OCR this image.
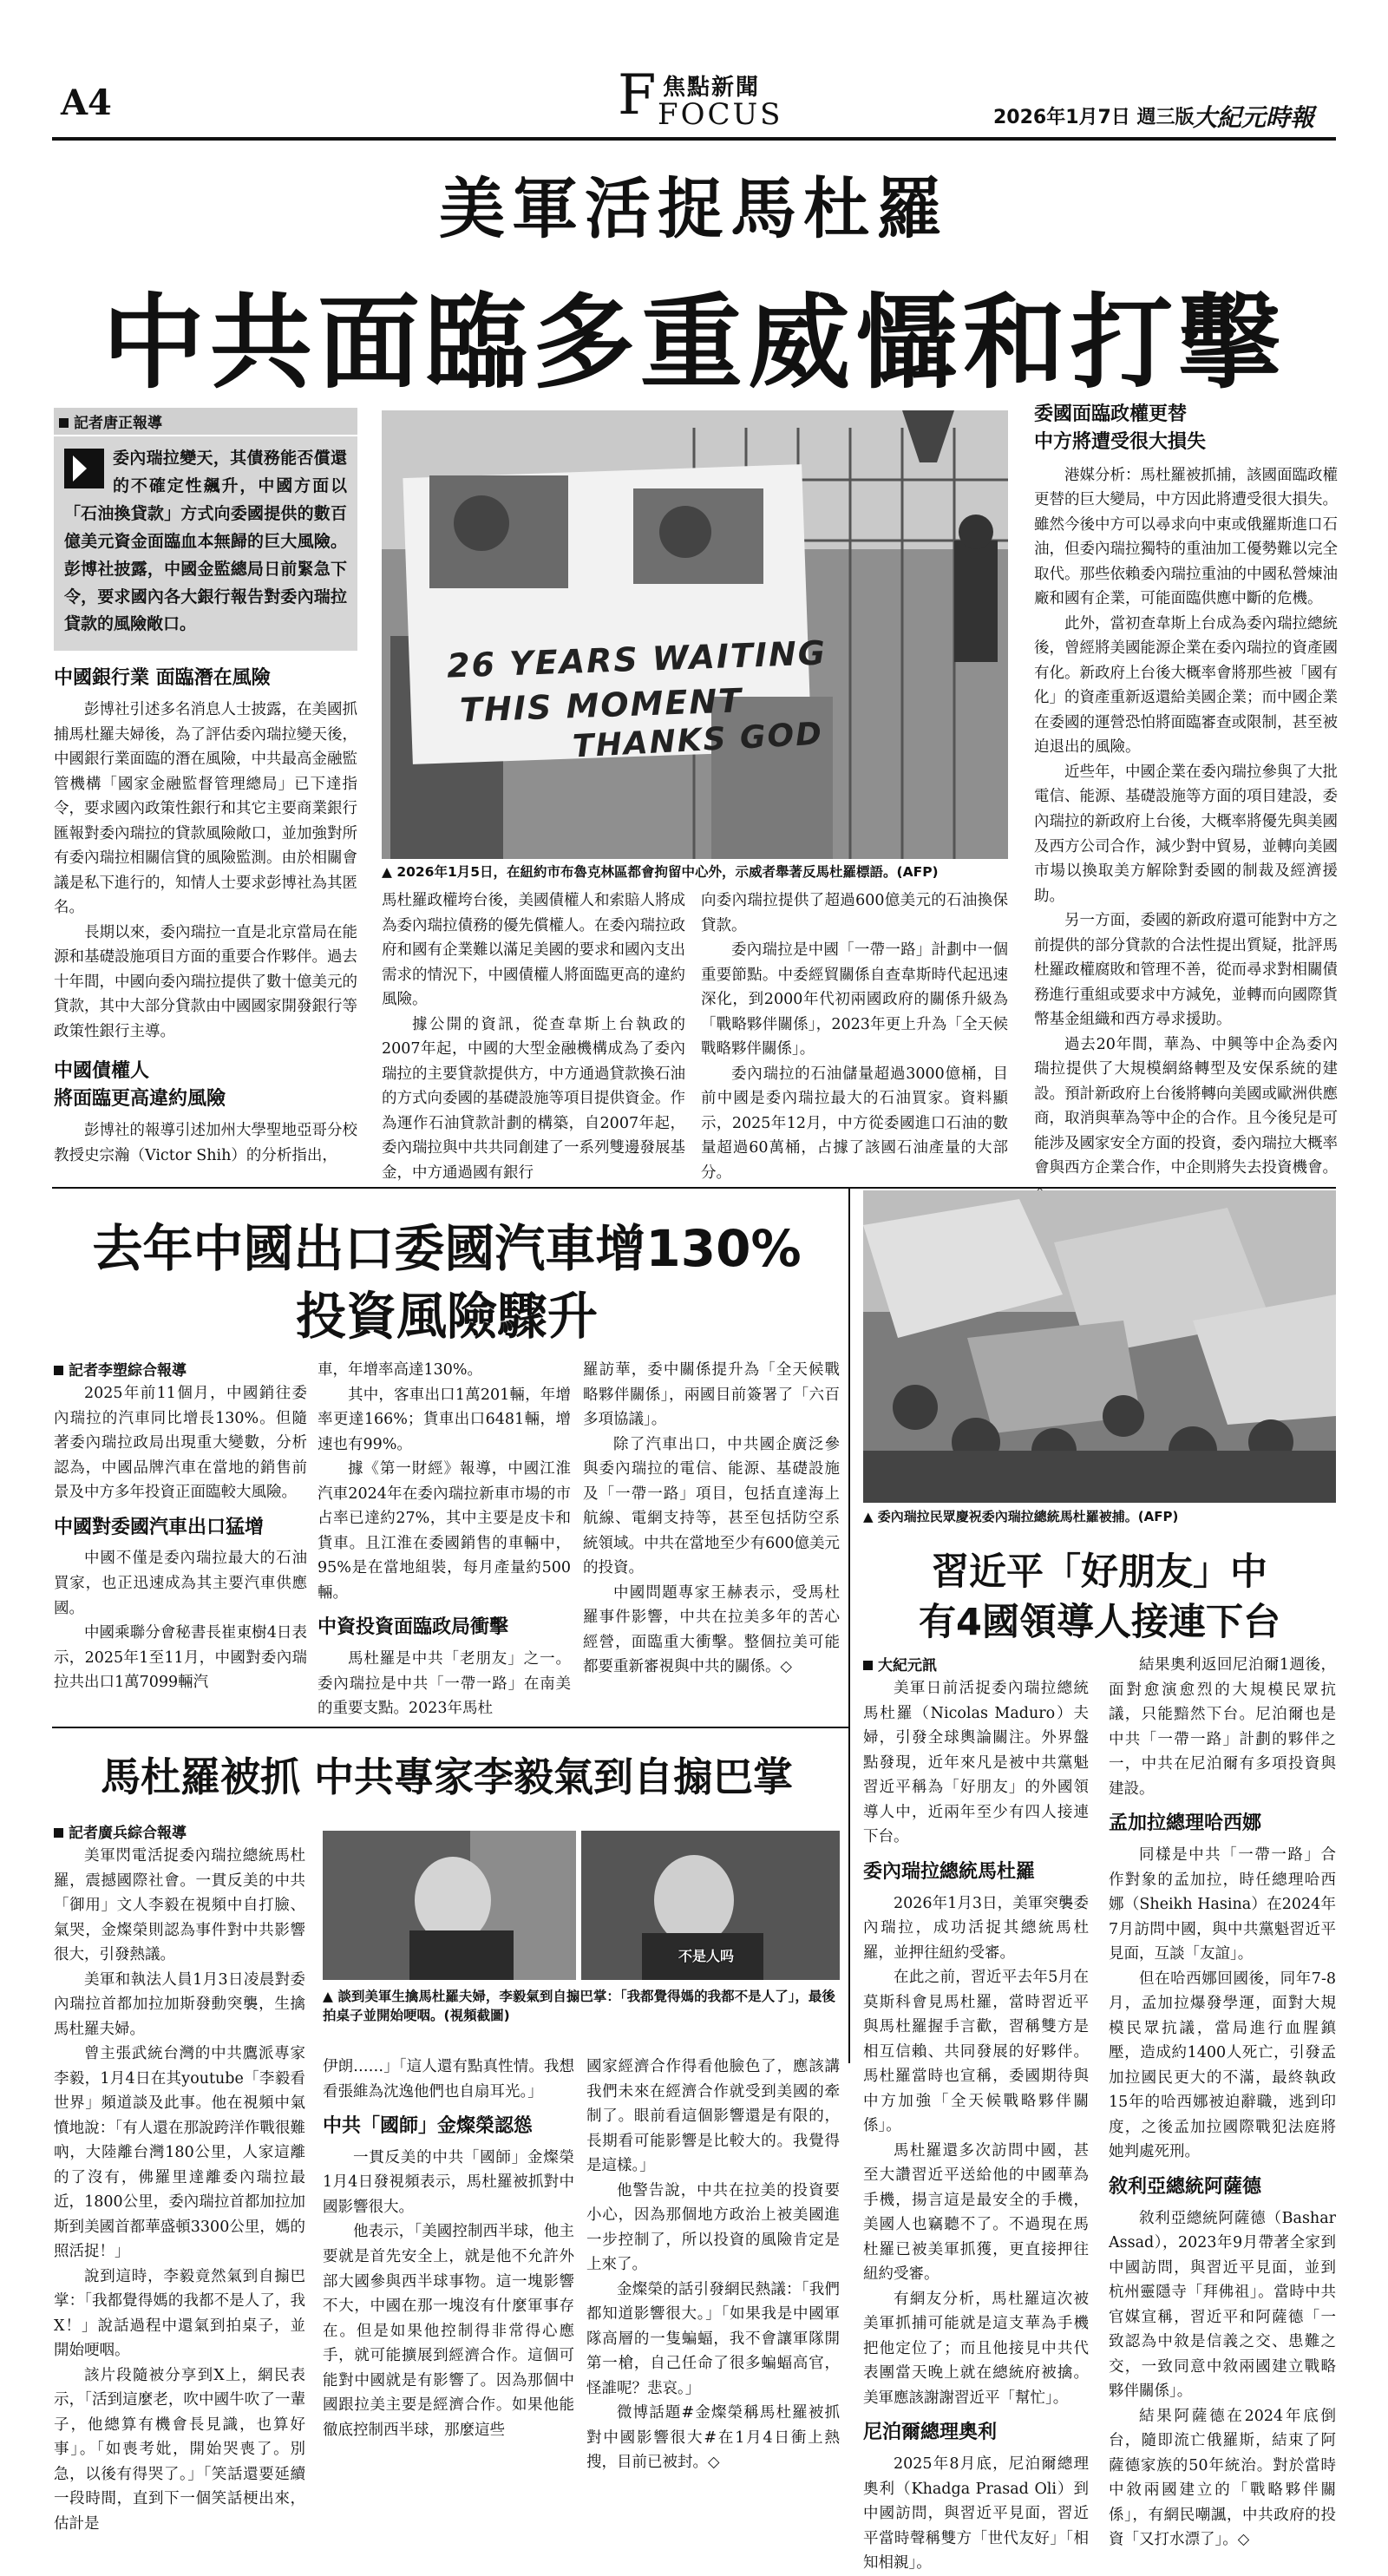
A4	F 焦點新聞
FOCUS	2026年1月7日 週三版
大紀元時報
美軍活捉馬杜羅
中共面臨多重威懾和打擊
記者唐正報導

委內瑞拉變天，其債務能否償還的不確定性飆升，中國方面以「石油換貸款」方式向委國提供的數百億美元資金面臨血本無歸的巨大風險。彭博社披露，中國金監總局日前緊急下令，要求國內各大銀行報告對委內瑞拉貸款的風險敞口。

中國銀行業 面臨潛在風險

彭博社引述多名消息人士披露，在美國抓捕馬杜羅夫婦後，為了評估委內瑞拉變天後，中國銀行業面臨的潛在風險，中共最高金融監管機構「國家金融監督管理總局」已下達指令，要求國內政策性銀行和其它主要商業銀行匯報對委內瑞拉的貸款風險敞口，並加強對所有委內瑞拉相關信貸的風險監測。由於相關會議是私下進行的，知情人士要求彭博社為其匿名。

長期以來，委內瑞拉一直是北京當局在能源和基礎設施項目方面的重要合作夥伴。過去十年間，中國向委內瑞拉提供了數十億美元的貸款，其中大部分貸款由中國國家開發銀行等政策性銀行主導。

中國債權人
將面臨更高違約風險

彭博社的報導引述加州大學聖地亞哥分校教授史宗瀚（Victor Shih）的分析指出，

26 YEARS WAITING
THIS MOMENT
THANKS GOD
▲ 2026年1月5日，在紐約市布魯克林區都會拘留中心外，示威者舉著反馬杜羅標語。(AFP)

馬杜羅政權垮台後，美國債權人和索賠人將成為委內瑞拉債務的優先償權人。在委內瑞拉政府和國有企業難以滿足美國的要求和國內支出需求的情況下，中國債權人將面臨更高的違約風險。

據公開的資訊，從查韋斯上台執政的2007年起，中國的大型金融機構成為了委內瑞拉的主要貸款提供方，中方通過貸款換石油的方式向委國的基礎設施等項目提供資金。作為運作石油貸款計劃的構築，自2007年起，委內瑞拉與中共共同創建了一系列雙邊發展基金，中方通過國有銀行

向委內瑞拉提供了超過600億美元的石油換保貸款。

委內瑞拉是中國「一帶一路」計劃中一個重要節點。中委經貿關係自查韋斯時代起迅速深化，到2000年代初兩國政府的關係升級為「戰略夥伴關係」，2023年更上升為「全天候戰略夥伴關係」。

委內瑞拉的石油儲量超過3000億桶，目前中國是委內瑞拉最大的石油買家。資料顯示，2025年12月，中方從委國進口石油的數量超過60萬桶，占據了該國石油產量的大部分。

委國面臨政權更替
中方將遭受很大損失

港媒分析：馬杜羅被抓捕，該國面臨政權更替的巨大變局，中方因此將遭受很大損失。雖然今後中方可以尋求向中東或俄羅斯進口石油，但委內瑞拉獨特的重油加工優勢難以完全取代。那些依賴委內瑞拉重油的中國私營煉油廠和國有企業，可能面臨供應中斷的危機。

此外，當初查韋斯上台成為委內瑞拉總統後，曾經將美國能源企業在委內瑞拉的資產國有化。新政府上台後大概率會將那些被「國有化」的資產重新返還給美國企業；而中國企業在委國的運營恐怕將面臨審查或限制，甚至被迫退出的風險。

近些年，中國企業在委內瑞拉參與了大批電信、能源、基礎設施等方面的項目建設，委內瑞拉的新政府上台後，大概率將優先與美國及西方公司合作，減少對中貿易，並轉向美國市場以換取美方解除對委國的制裁及經濟援助。

另一方面，委國的新政府還可能對中方之前提供的部分貸款的合法性提出質疑，批評馬杜羅政權腐敗和管理不善，從而尋求對相關債務進行重組或要求中方減免，並轉而向國際貨幣基金組織和西方尋求援助。

過去20年間，華為、中興等中企為委內瑞拉提供了大規模網絡轉型及安保系統的建設。預計新政府上台後將轉向美國或歐洲供應商，取消與華為等中企的合作。且今後兒是可能涉及國家安全方面的投資，委內瑞拉大概率會與西方企業合作，中企則將失去投資機會。

去年中國出口委國汽車增130%
投資風險驟升
記者李塑綜合報導

2025年前11個月，中國銷往委內瑞拉的汽車同比增長130%。但隨著委內瑞拉政局出現重大變數，分析認為，中國品牌汽車在當地的銷售前景及中方多年投資正面臨較大風險。

中國對委國汽車出口猛增

中國不僅是委內瑞拉最大的石油買家，也正迅速成為其主要汽車供應國。

中國乘聯分會秘書長崔東樹4日表示，2025年1至11月，中國對委內瑞拉共出口1萬7099輛汽

車，年增率高達130%。

其中，客車出口1萬201輛，年增率更達166%；貨車出口6481輛，增速也有99%。

據《第一財經》報導，中國江淮汽車2024年在委內瑞拉新車市場的市占率已達約27%，其中主要是皮卡和貨車。且江淮在委國銷售的車輛中，95%是在當地組裝，每月產量約500輛。

中資投資面臨政局衝擊

馬杜羅是中共「老朋友」之一。委內瑞拉是中共「一帶一路」在南美的重要支點。2023年馬杜

羅訪華，委中關係提升為「全天候戰略夥伴關係」，兩國目前簽署了「六百多項協議」。

除了汽車出口，中共國企廣泛參與委內瑞拉的電信、能源、基礎設施及「一帶一路」項目，包括直達海上航線、電網支持等，甚至包括防空系統領域。中共在當地至少有600億美元的投資。

中國問題專家王赫表示，受馬杜羅事件影響，中共在拉美多年的苦心經營，面臨重大衝擊。整個拉美可能都要重新審視與中共的關係。◇

▲ 委內瑞拉民眾慶祝委內瑞拉總統馬杜羅被捕。(AFP)
習近平「好朋友」中
有4國領導人接連下台
大紀元訊

美軍日前活捉委內瑞拉總統馬杜羅（Nicolas Maduro）夫婦，引發全球輿論關注。外界盤點發現，近年來凡是被中共黨魁習近平稱為「好朋友」的外國領導人中，近兩年至少有四人接連下台。

委內瑞拉總統馬杜羅

2026年1月3日，美軍突襲委內瑞拉，成功活捉其總統馬杜羅，並押往紐約受審。

在此之前，習近平去年5月在莫斯科會見馬杜羅，當時習近平與馬杜羅握手言歡，習稱雙方是相互信賴、共同發展的好夥伴。馬杜羅當時也宣稱，委國期待與中方加強「全天候戰略夥伴關係」。

馬杜羅還多次訪問中國，甚至大讚習近平送給他的中國華為手機，揚言這是最安全的手機，美國人也竊聽不了。不過現在馬杜羅已被美軍抓獲，更直接押往紐約受審。

有網友分析，馬杜羅這次被美軍抓捕可能就是這支華為手機把他定位了；而且他接見中共代表團當天晚上就在總統府被擒。美軍應該謝謝習近平「幫忙」。

尼泊爾總理奧利

2025年8月底，尼泊爾總理奧利（Khadga Prasad Oli）到中國訪問，與習近平見面，習近平當時聲稱雙方「世代友好」「相知相親」。

結果奧利返回尼泊爾1週後，面對愈演愈烈的大規模民眾抗議，只能黯然下台。尼泊爾也是中共「一帶一路」計劃的夥伴之一，中共在尼泊爾有多項投資與建設。

孟加拉總理哈西娜

同樣是中共「一帶一路」合作對象的孟加拉，時任總理哈西娜（Sheikh Hasina）在2024年7月訪問中國，與中共黨魁習近平見面，互談「友誼」。

但在哈西娜回國後，同年7-8月，孟加拉爆發學運，面對大規模民眾抗議，當局進行血腥鎮壓，造成約1400人死亡，引發孟加拉國民更大的不滿，最終執政15年的哈西娜被迫辭職，逃到印度，之後孟加拉國際戰犯法庭將她判處死刑。

敘利亞總統阿薩德

敘利亞總統阿薩德（Bashar Assad），2023年9月帶著全家到中國訪問，與習近平見面，並到杭州靈隱寺「拜佛祖」。當時中共官媒宣稱，習近平和阿薩德「一致認為中敘是信義之交、患難之交，一致同意中敘兩國建立戰略夥伴關係」。

結果阿薩德在2024年底倒台，隨即流亡俄羅斯，結束了阿薩德家族的50年統治。對於當時中敘兩國建立的「戰略夥伴關係」，有網民嘲諷，中共政府的投資「又打水漂了」。◇

馬杜羅被抓 中共專家李毅氣到自搧巴掌
記者廣兵綜合報導

美軍閃電活捉委內瑞拉總統馬杜羅，震撼國際社會。一貫反美的中共「御用」文人李毅在視頻中自打臉、氣哭，金燦榮則認為事件對中共影響很大，引發熱議。

美軍和執法人員1月3日凌晨對委內瑞拉首都加拉加斯發動突襲，生擒馬杜羅夫婦。

曾主張武統台灣的中共鷹派專家李毅，1月4日在其youtube「李毅看世界」頻道談及此事。他在視頻中氣憤地說：「有人還在那說跨洋作戰很難吶，大陸離台灣180公里，人家這離的了沒有，佛羅里達離委內瑞拉最近，1800公里，委內瑞拉首都加拉加斯到美國首都華盛頓3300公里，媽的照活捉！」

說到這時，李毅竟然氣到自搧巴掌：「我都覺得媽的我都不是人了，我X！」說話過程中還氣到拍桌子，並開始哽咽。

該片段隨被分享到X上，網民表示，「活到這麼老，吹中國牛吹了一輩子，他總算有機會長見識，也算好事」。「如喪考妣，開始哭喪了。別急，以後有得哭了。」「笑話還要延續一段時間，直到下一個笑話梗出來，估計是

不是人吗
▲ 談到美軍生擒馬杜羅夫婦，李毅氣到自搧巴掌：「我都覺得媽的我都不是人了」，最後拍桌子並開始哽咽。(視頻截圖)

伊朗……」「這人還有點真性情。我想看張維為沈逸他們也自扇耳光。」

中共「國師」金燦榮認慫

一貫反美的中共「國師」金燦榮1月4日發視頻表示，馬杜羅被抓對中國影響很大。

他表示，「美國控制西半球，他主要就是首先安全上，就是他不允許外部大國參與西半球事物。這一塊影響不大，中國在那一塊沒有什麼軍事存在。但是如果他控制得非常得心應手，就可能擴展到經濟合作。這個可能對中國就是有影響了。因為那個中國跟拉美主要是經濟合作。如果他能徹底控制西半球，那麼這些

國家經濟合作得看他臉色了，應該講我們未來在經濟合作就受到美國的牽制了。眼前看這個影響還是有限的，長期看可能影響是比較大的。我覺得是這樣。」

他警告說，中共在拉美的投資要小心，因為那個地方政治上被美國進一步控制了，所以投資的風險肯定是上來了。

金燦榮的話引發網民熱議：「我們都知道影響很大。」「如果我是中國軍隊高層的一隻蝙蝠，我不會讓軍隊開第一槍，自己任命了很多蝙蝠高官，怪誰呢？悲哀。」

微博話題#金燦榮稱馬杜羅被抓對中國影響很大#在1月4日衝上熱搜，目前已被封。◇
